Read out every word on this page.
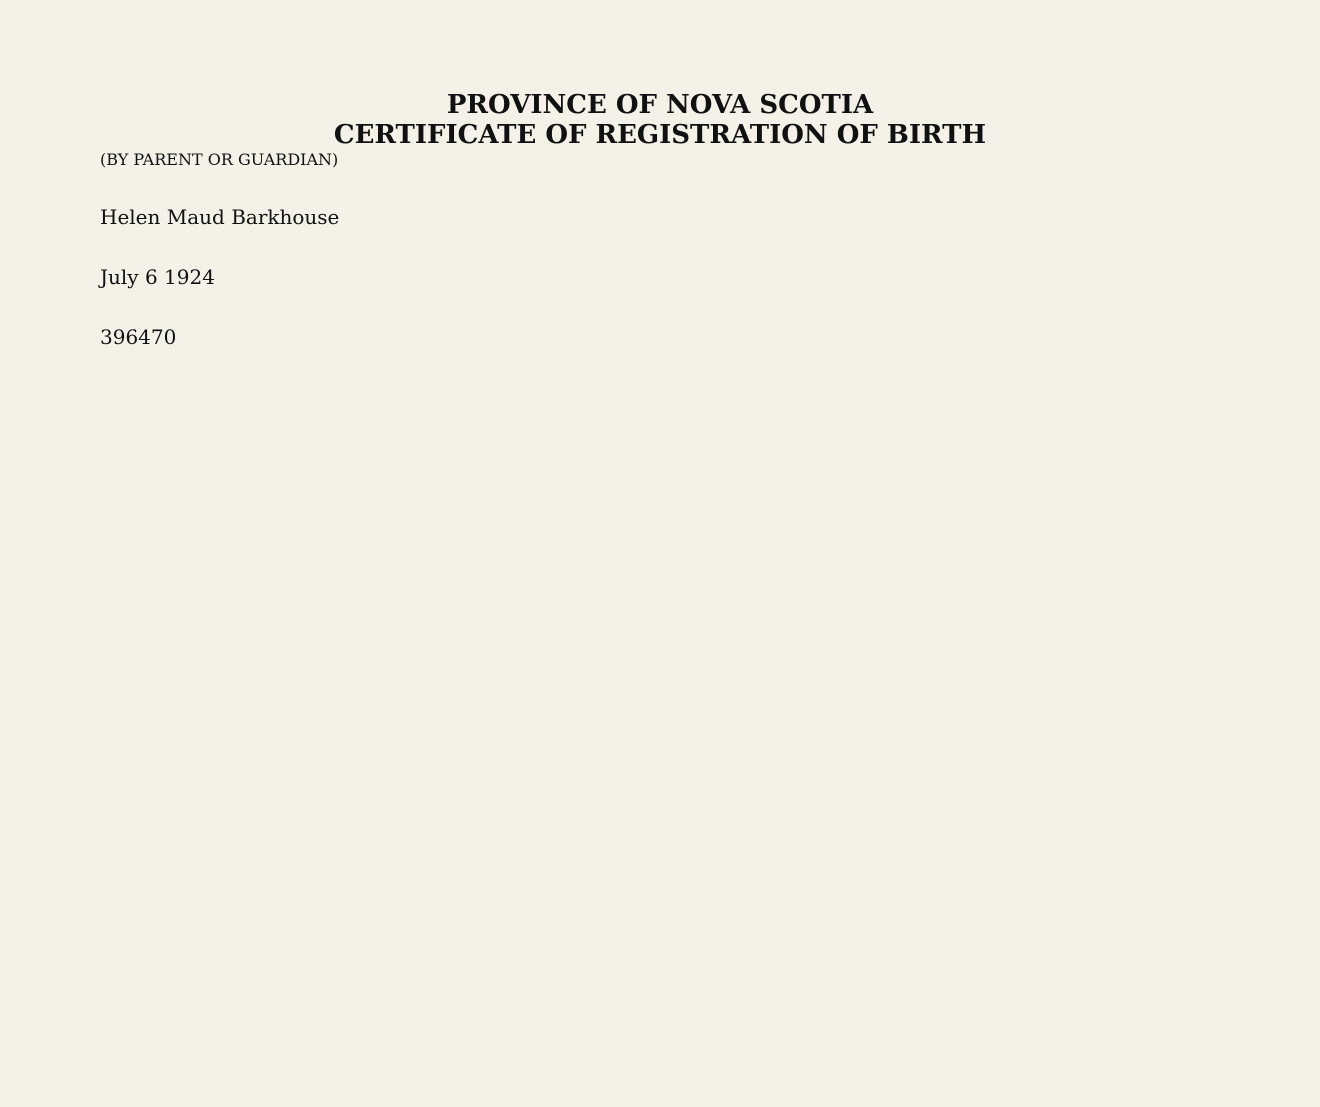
PROVINCE OF NOVA SCOTIA
CERTIFICATE OF REGISTRATION OF BIRTH
(BY PARENT OR GUARDIAN)
Helen Maud Barkhouse
July 6 1924
396470
